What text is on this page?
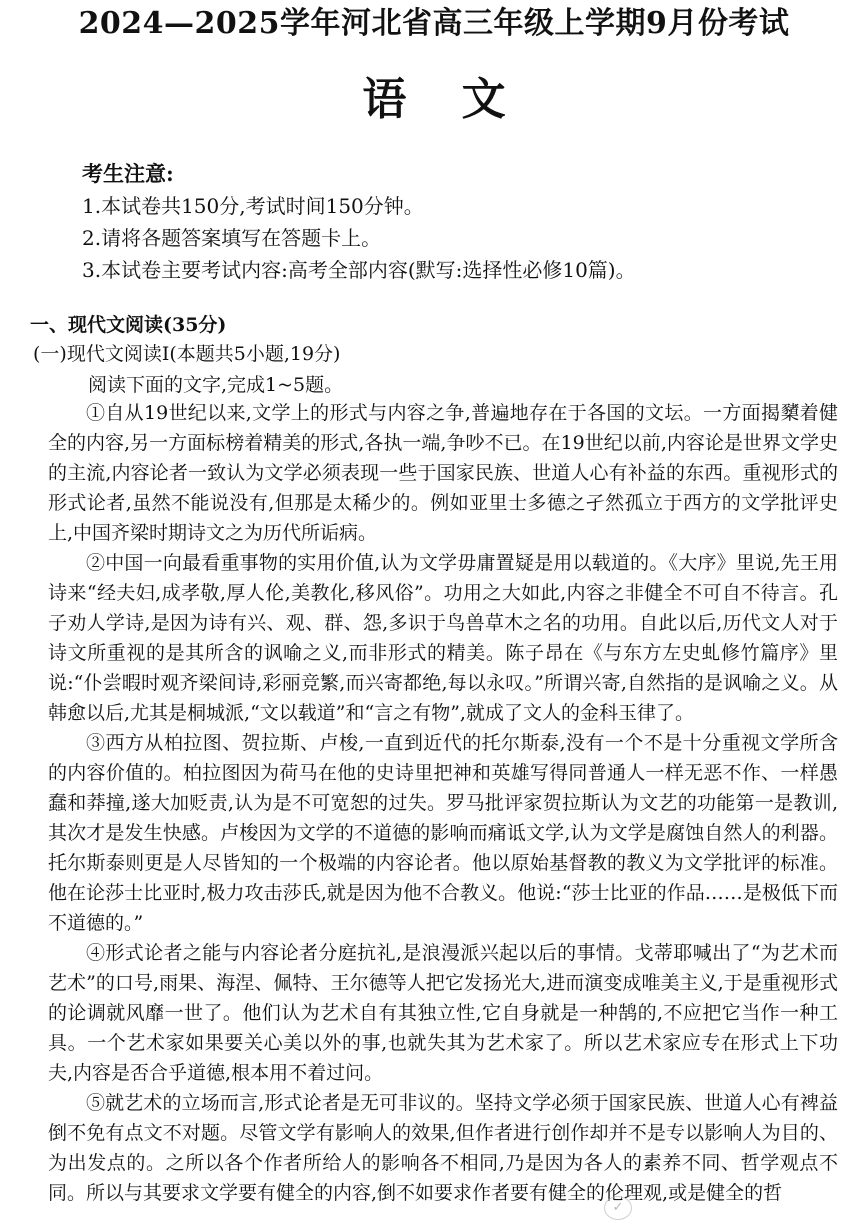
2024—2025学年河北省高三年级上学期9月份考试
语 文
考生注意:
1.本试卷共150分,考试时间150分钟。
2.请将各题答案填写在答题卡上。
3.本试卷主要考试内容:高考全部内容(默写:选择性必修10篇)。
一、现代文阅读(35分)
(一)现代文阅读Ⅰ(本题共5小题,19分)
阅读下面的文字,完成1~5题。

①自从19世纪以来,文学上的形式与内容之争,普遍地存在于各国的文坛。一方面揭櫫着健全的内容,另一方面标榜着精美的形式,各执一端,争吵不已。在19世纪以前,内容论是世界文学史的主流,内容论者一致认为文学必须表现一些于国家民族、世道人心有补益的东西。重视形式的形式论者,虽然不能说没有,但那是太稀少的。例如亚里士多德之孑然孤立于西方的文学批评史上,中国齐梁时期诗文之为历代所诟病。

②中国一向最看重事物的实用价值,认为文学毋庸置疑是用以载道的。《大序》里说,先王用诗来“经夫妇,成孝敬,厚人伦,美教化,移风俗”。功用之大如此,内容之非健全不可自不待言。孔子劝人学诗,是因为诗有兴、观、群、怨,多识于鸟兽草木之名的功用。自此以后,历代文人对于诗文所重视的是其所含的讽喻之义,而非形式的精美。陈子昂在《与东方左史虬修竹篇序》里说:“仆尝暇时观齐梁间诗,彩丽竞繁,而兴寄都绝,每以永叹。”所谓兴寄,自然指的是讽喻之义。从韩愈以后,尤其是桐城派,“文以载道”和“言之有物”,就成了文人的金科玉律了。

③西方从柏拉图、贺拉斯、卢梭,一直到近代的托尔斯泰,没有一个不是十分重视文学所含的内容价值的。柏拉图因为荷马在他的史诗里把神和英雄写得同普通人一样无恶不作、一样愚蠢和莽撞,遂大加贬责,认为是不可宽恕的过失。罗马批评家贺拉斯认为文艺的功能第一是教训,其次才是发生快感。卢梭因为文学的不道德的影响而痛诋文学,认为文学是腐蚀自然人的利器。托尔斯泰则更是人尽皆知的一个极端的内容论者。他以原始基督教的教义为文学批评的标准。他在论莎士比亚时,极力攻击莎氏,就是因为他不合教义。他说:“莎士比亚的作品……是极低下而不道德的。”

④形式论者之能与内容论者分庭抗礼,是浪漫派兴起以后的事情。戈蒂耶喊出了“为艺术而艺术”的口号,雨果、海涅、佩特、王尔德等人把它发扬光大,进而演变成唯美主义,于是重视形式的论调就风靡一世了。他们认为艺术自有其独立性,它自身就是一种鹄的,不应把它当作一种工具。一个艺术家如果要关心美以外的事,也就失其为艺术家了。所以艺术家应专在形式上下功夫,内容是否合乎道德,根本用不着过问。

⑤就艺术的立场而言,形式论者是无可非议的。坚持文学必须于国家民族、世道人心有裨益倒不免有点文不对题。尽管文学有影响人的效果,但作者进行创作却并不是专以影响人为目的、为出发点的。之所以各个作者所给人的影响各不相同,乃是因为各人的素养不同、哲学观点不同。所以与其要求文学要有健全的内容,倒不如要求作者要有健全的伦理观,或是健全的哲

✓
